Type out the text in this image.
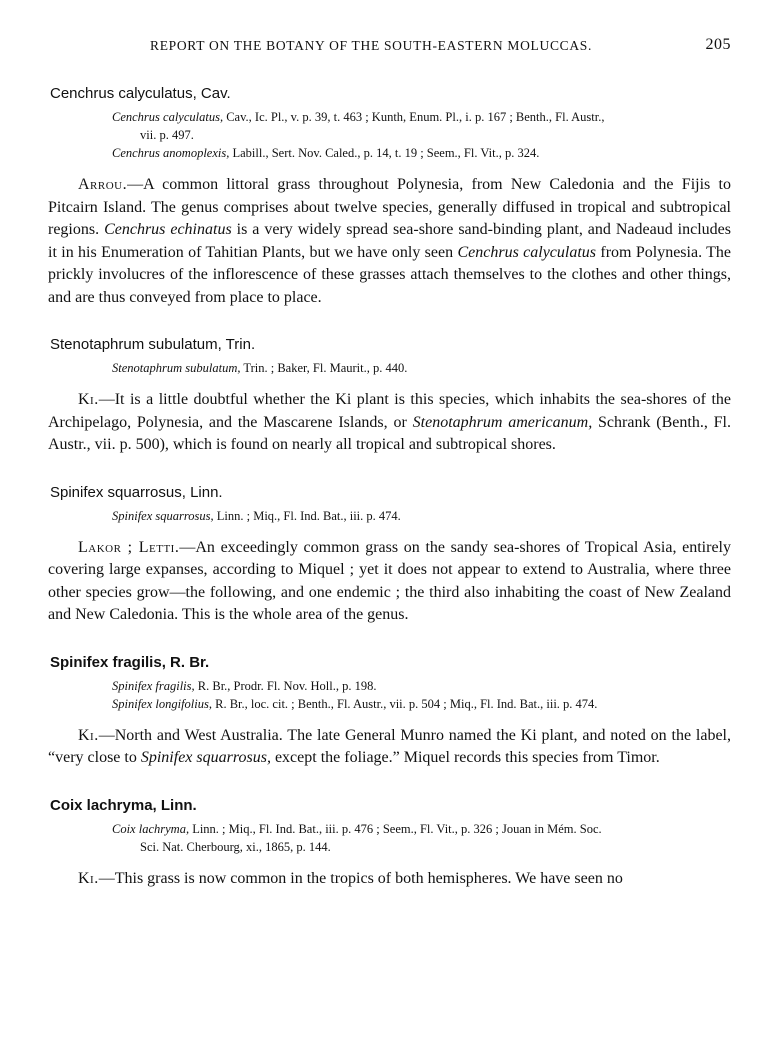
REPORT ON THE BOTANY OF THE SOUTH-EASTERN MOLUCCAS.	205

Cenchrus calyculatus, Cav.

Cenchrus calyculatus, Cav., Ic. Pl., v. p. 39, t. 463 ; Kunth, Enum. Pl., i. p. 167 ; Benth., Fl. Austr.,
vii. p. 497.
Cenchrus anomoplexis, Labill., Sert. Nov. Caled., p. 14, t. 19 ; Seem., Fl. Vit., p. 324.

Arrou.—A common littoral grass throughout Polynesia, from New Caledonia and the Fijis to Pitcairn Island. The genus comprises about twelve species, generally diffused in tropical and subtropical regions. Cenchrus echinatus is a very widely spread sea-shore sand-binding plant, and Nadeaud includes it in his Enumeration of Tahitian Plants, but we have only seen Cenchrus calyculatus from Polynesia. The prickly involucres of the inflorescence of these grasses attach themselves to the clothes and other things, and are thus conveyed from place to place.

Stenotaphrum subulatum, Trin.

Stenotaphrum subulatum, Trin. ; Baker, Fl. Maurit., p. 440.

Ki.—It is a little doubtful whether the Ki plant is this species, which inhabits the sea-shores of the Archipelago, Polynesia, and the Mascarene Islands, or Stenotaphrum americanum, Schrank (Benth., Fl. Austr., vii. p. 500), which is found on nearly all tropical and subtropical shores.

Spinifex squarrosus, Linn.

Spinifex squarrosus, Linn. ; Miq., Fl. Ind. Bat., iii. p. 474.

Lakor ; Letti.—An exceedingly common grass on the sandy sea-shores of Tropical Asia, entirely covering large expanses, according to Miquel ; yet it does not appear to extend to Australia, where three other species grow—the following, and one endemic ; the third also inhabiting the coast of New Zealand and New Caledonia. This is the whole area of the genus.

Spinifex fragilis, R. Br.

Spinifex fragilis, R. Br., Prodr. Fl. Nov. Holl., p. 198.
Spinifex longifolius, R. Br., loc. cit. ; Benth., Fl. Austr., vii. p. 504 ; Miq., Fl. Ind. Bat., iii. p. 474.

Ki.—North and West Australia. The late General Munro named the Ki plant, and noted on the label, “very close to Spinifex squarrosus, except the foliage.” Miquel records this species from Timor.

Coix lachryma, Linn.

Coix lachryma, Linn. ; Miq., Fl. Ind. Bat., iii. p. 476 ; Seem., Fl. Vit., p. 326 ; Jouan in Mém. Soc.
Sci. Nat. Cherbourg, xi., 1865, p. 144.

Ki.—This grass is now common in the tropics of both hemispheres. We have seen no
